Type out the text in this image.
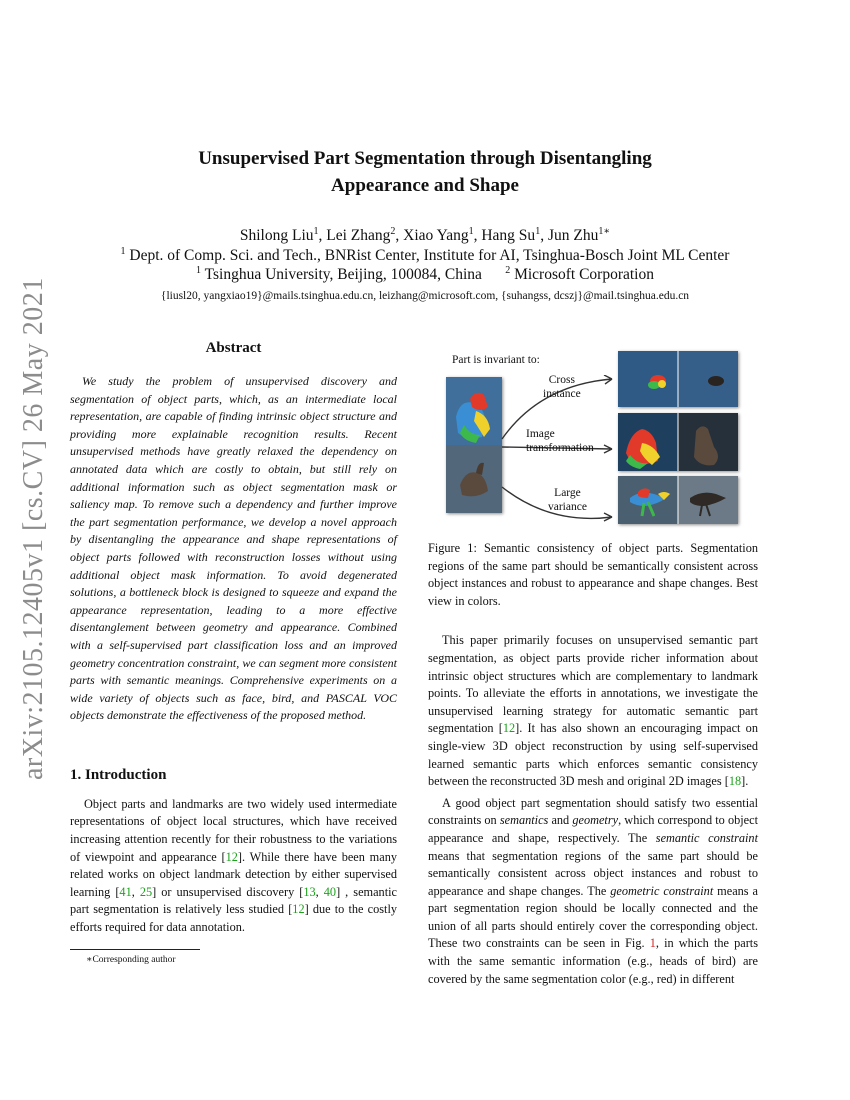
arXiv:2105.12405v1 [cs.CV] 26 May 2021
Unsupervised Part Segmentation through Disentangling
Appearance and Shape
Shilong Liu$^1$, Lei Zhang$^2$, Xiao Yang$^1$, Hang Su$^1$, Jun Zhu$^{1∗}$
$^1$ Dept. of Comp. Sci. and Tech., BNRist Center, Institute for AI, Tsinghua-Bosch Joint ML Center
$^1$ Tsinghua University, Beijing, 100084, China $^2$ Microsoft Corporation
{liusl20, yangxiao19}@mails.tsinghua.edu.cn, leizhang@microsoft.com, {suhangss, dcszj}@mail.tsinghua.edu.cn
Abstract

We study the problem of unsupervised discovery and segmentation of object parts, which, as an intermediate local representation, are capable of finding intrinsic object structure and providing more explainable recognition results. Recent unsupervised methods have greatly relaxed the dependency on annotated data which are costly to obtain, but still rely on additional information such as object segmentation mask or saliency map. To remove such a dependency and further improve the part segmentation performance, we develop a novel approach by disentangling the appearance and shape representations of object parts followed with reconstruction losses without using additional object mask information. To avoid degenerated solutions, a bottleneck block is designed to squeeze and expand the appearance representation, leading to a more effective disentanglement between geometry and appearance. Combined with a self-supervised part classification loss and an improved geometry concentration constraint, we can segment more consistent parts with semantic meanings. Comprehensive experiments on a wide variety of objects such as face, bird, and PASCAL VOC objects demonstrate the effectiveness of the proposed method.

1. Introduction

Object parts and landmarks are two widely used intermediate representations of object local structures, which have received increasing attention recently for their robustness to the variations of viewpoint and appearance [12]. While there have been many related works on object landmark detection by either supervised learning [41, 25] or unsupervised discovery [13, 40] , semantic part segmentation is relatively less studied [12] due to the costly efforts required for data annotation.

∗Corresponding author
Part is invariant to:
Cross
instance
Image
transformation
Large
variance

Figure 1: Semantic consistency of object parts. Segmentation regions of the same part should be semantically consistent across object instances and robust to appearance and shape changes. Best view in colors.

This paper primarily focuses on unsupervised semantic part segmentation, as object parts provide richer information about intrinsic object structures which are complementary to landmark points. To alleviate the efforts in annotations, we investigate the unsupervised learning strategy for automatic semantic part segmentation [12]. It has also shown an encouraging impact on single-view 3D object reconstruction by using self-supervised learned semantic parts which enforces semantic consistency between the reconstructed 3D mesh and original 2D images [18].

A good object part segmentation should satisfy two essential constraints on semantics and geometry, which correspond to object appearance and shape, respectively. The semantic constraint means that segmentation regions of the same part should be semantically consistent across object instances and robust to appearance and shape changes. The geometric constraint means a part segmentation region should be locally connected and the union of all parts should entirely cover the corresponding object. These two constraints can be seen in Fig. 1, in which the parts with the same semantic information (e.g., heads of bird) are covered by the same segmentation color (e.g., red) in different
